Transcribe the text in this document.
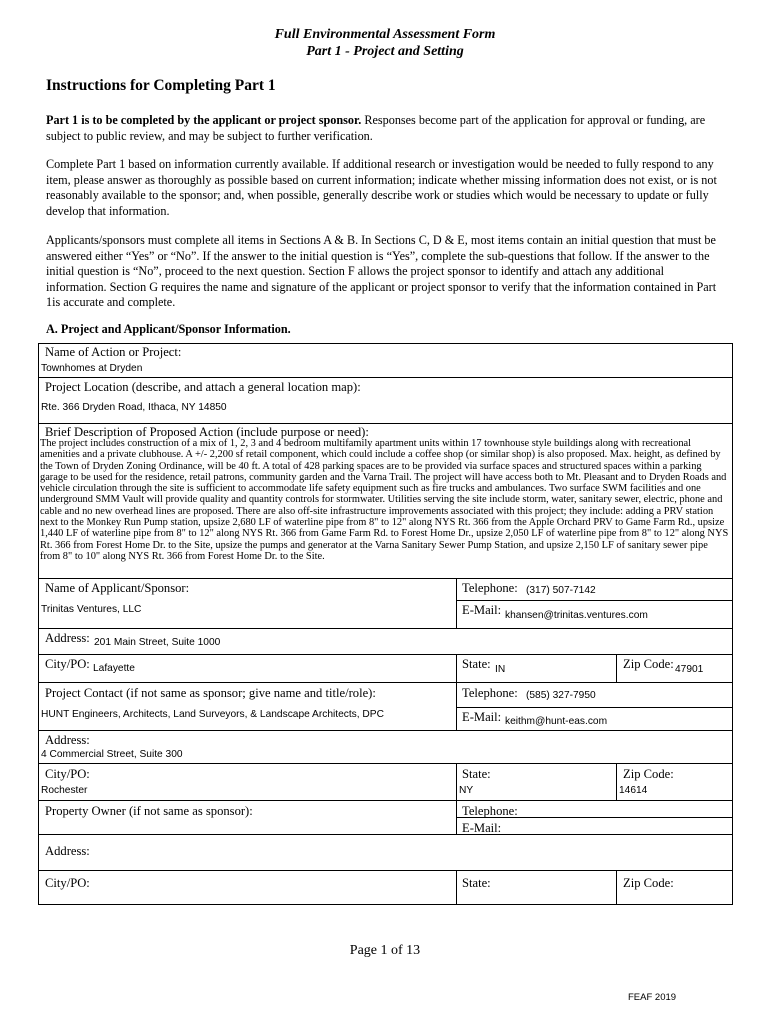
Full Environmental Assessment Form
Part 1 - Project and Setting
Instructions for Completing Part 1
Part 1 is to be completed by the applicant or project sponsor. Responses become part of the application for approval or funding, are subject to public review, and may be subject to further verification.
Complete Part 1 based on information currently available. If additional research or investigation would be needed to fully respond to any item, please answer as thoroughly as possible based on current information; indicate whether missing information does not exist, or is not reasonably available to the sponsor; and, when possible, generally describe work or studies which would be necessary to update or fully develop that information.
Applicants/sponsors must complete all items in Sections A & B. In Sections C, D & E, most items contain an initial question that must be answered either “Yes” or “No”. If the answer to the initial question is “Yes”, complete the sub-questions that follow. If the answer to the initial question is “No”, proceed to the next question. Section F allows the project sponsor to identify and attach any additional information. Section G requires the name and signature of the applicant or project sponsor to verify that the information contained in Part 1is accurate and complete.
A. Project and Applicant/Sponsor Information.
Name of Action or Project:
Townhomes at Dryden
Project Location (describe, and attach a general location map):
Rte. 366 Dryden Road, Ithaca, NY 14850
Brief Description of Proposed Action (include purpose or need):
The project includes construction of a mix of 1, 2, 3 and 4 bedroom multifamily apartment units within 17 townhouse style buildings along with recreational amenities and a private clubhouse. A +/- 2,200 sf retail component, which could include a coffee shop (or similar shop) is also proposed. Max. height, as defined by the Town of Dryden Zoning Ordinance, will be 40 ft. A total of 428 parking spaces are to be provided via surface spaces and structured spaces within a parking garage to be used for the residence, retail patrons, community garden and the Varna Trail. The project will have access both to Mt. Pleasant and to Dryden Roads and vehicle circulation through the site is sufficient to accommodate life safety equipment such as fire trucks and ambulances. Two surface SWM facilities and one underground SMM Vault will provide quality and quantity controls for stormwater. Utilities serving the site include storm, water, sanitary sewer, electric, phone and cable and no new overhead lines are proposed. There are also off-site infrastructure improvements associated with this project; they include: adding a PRV station next to the Monkey Run Pump station, upsize 2,680 LF of waterline pipe from 8" to 12" along NYS Rt. 366 from the Apple Orchard PRV to Game Farm Rd., upsize 1,440 LF of waterline pipe from 8" to 12" along NYS Rt. 366 from Game Farm Rd. to Forest Home Dr., upsize 2,050 LF of waterline pipe from 8" to 12" along NYS Rt. 366 from Forest Home Dr. to the Site, upsize the pumps and generator at the Varna Sanitary Sewer Pump Station, and upsize 2,150 LF of sanitary sewer pipe from 8" to 10" along NYS Rt. 366 from Forest Home Dr. to the Site.
Name of Applicant/Sponsor:
Trinitas Ventures, LLC
Telephone: (317) 507-7142
E-Mail: khansen@trinitas.ventures.com
Address: 201 Main Street, Suite 1000
City/PO: Lafayette	State: IN	Zip Code: 47901
Project Contact (if not same as sponsor; give name and title/role):
HUNT Engineers, Architects, Land Surveyors, & Landscape Architects, DPC
Telephone: (585) 327-7950
E-Mail: keithm@hunt-eas.com
Address:
4 Commercial Street, Suite 300
City/PO:
Rochester
State:
NY
Zip Code:
14614
Property Owner (if not same as sponsor):	Telephone:
E-Mail:
Address:
City/PO:	State:	Zip Code:
Page 1 of 13
FEAF 2019
